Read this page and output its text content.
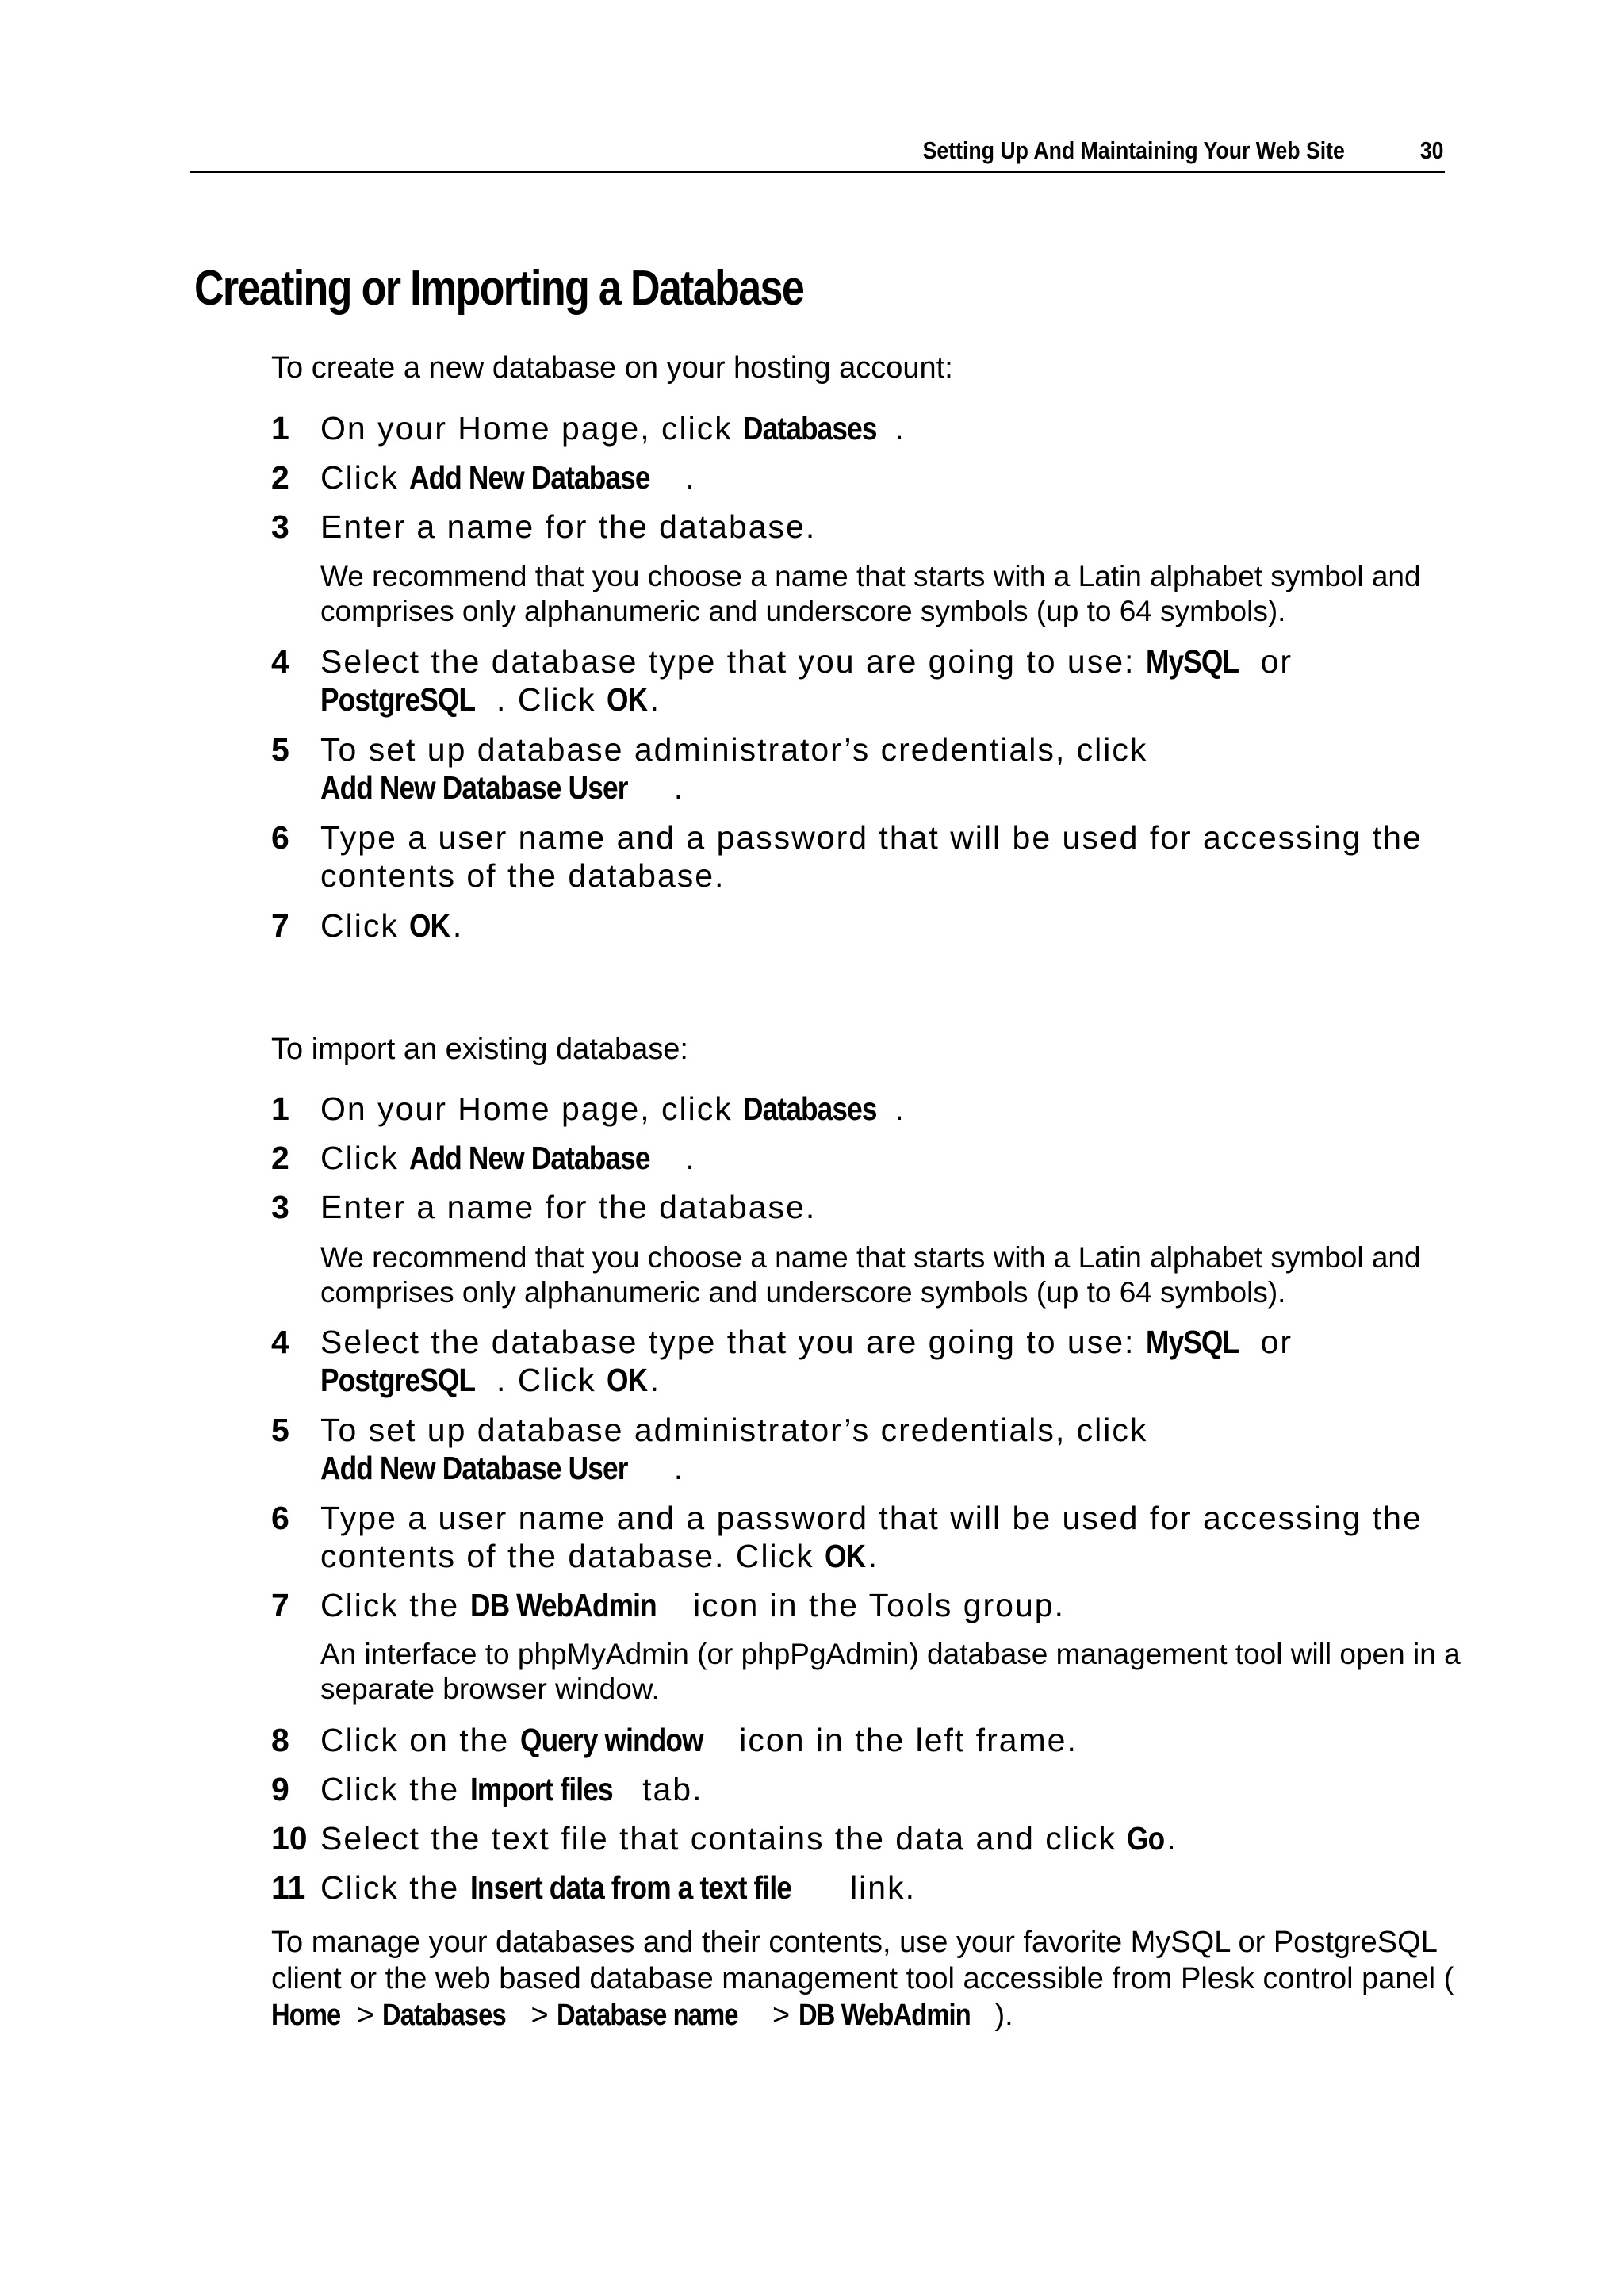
Setting Up And Maintaining Your Web Site	30
Creating or Importing a Database
To create a new database on your hosting account:
1 On your Home page, click Databases .
2 Click Add New Database .
3 Enter a name for the database.
We recommend that you choose a name that starts with a Latin alphabet symbol and comprises only alphanumeric and underscore symbols (up to 64 symbols).
4 Select the database type that you are going to use: MySQL or PostgreSQL . Click OK.
5 To set up database administrator’s credentials, click Add New Database User .
6 Type a user name and a password that will be used for accessing the contents of the database.
7 Click OK.
To import an existing database:
1 On your Home page, click Databases .
2 Click Add New Database .
3 Enter a name for the database.
We recommend that you choose a name that starts with a Latin alphabet symbol and comprises only alphanumeric and underscore symbols (up to 64 symbols).
4 Select the database type that you are going to use: MySQL or PostgreSQL . Click OK.
5 To set up database administrator’s credentials, click Add New Database User .
6 Type a user name and a password that will be used for accessing the contents of the database. Click OK.
7 Click the DB WebAdmin icon in the Tools group.
An interface to phpMyAdmin (or phpPgAdmin) database management tool will open in a separate browser window.
8 Click on the Query window icon in the left frame.
9 Click the Import files tab.
10 Select the text file that contains the data and click Go.
11 Click the Insert data from a text file link.
To manage your databases and their contents, use your favorite MySQL or PostgreSQL client or the web based database management tool accessible from Plesk control panel (Home > Databases > Database name > DB WebAdmin ).
